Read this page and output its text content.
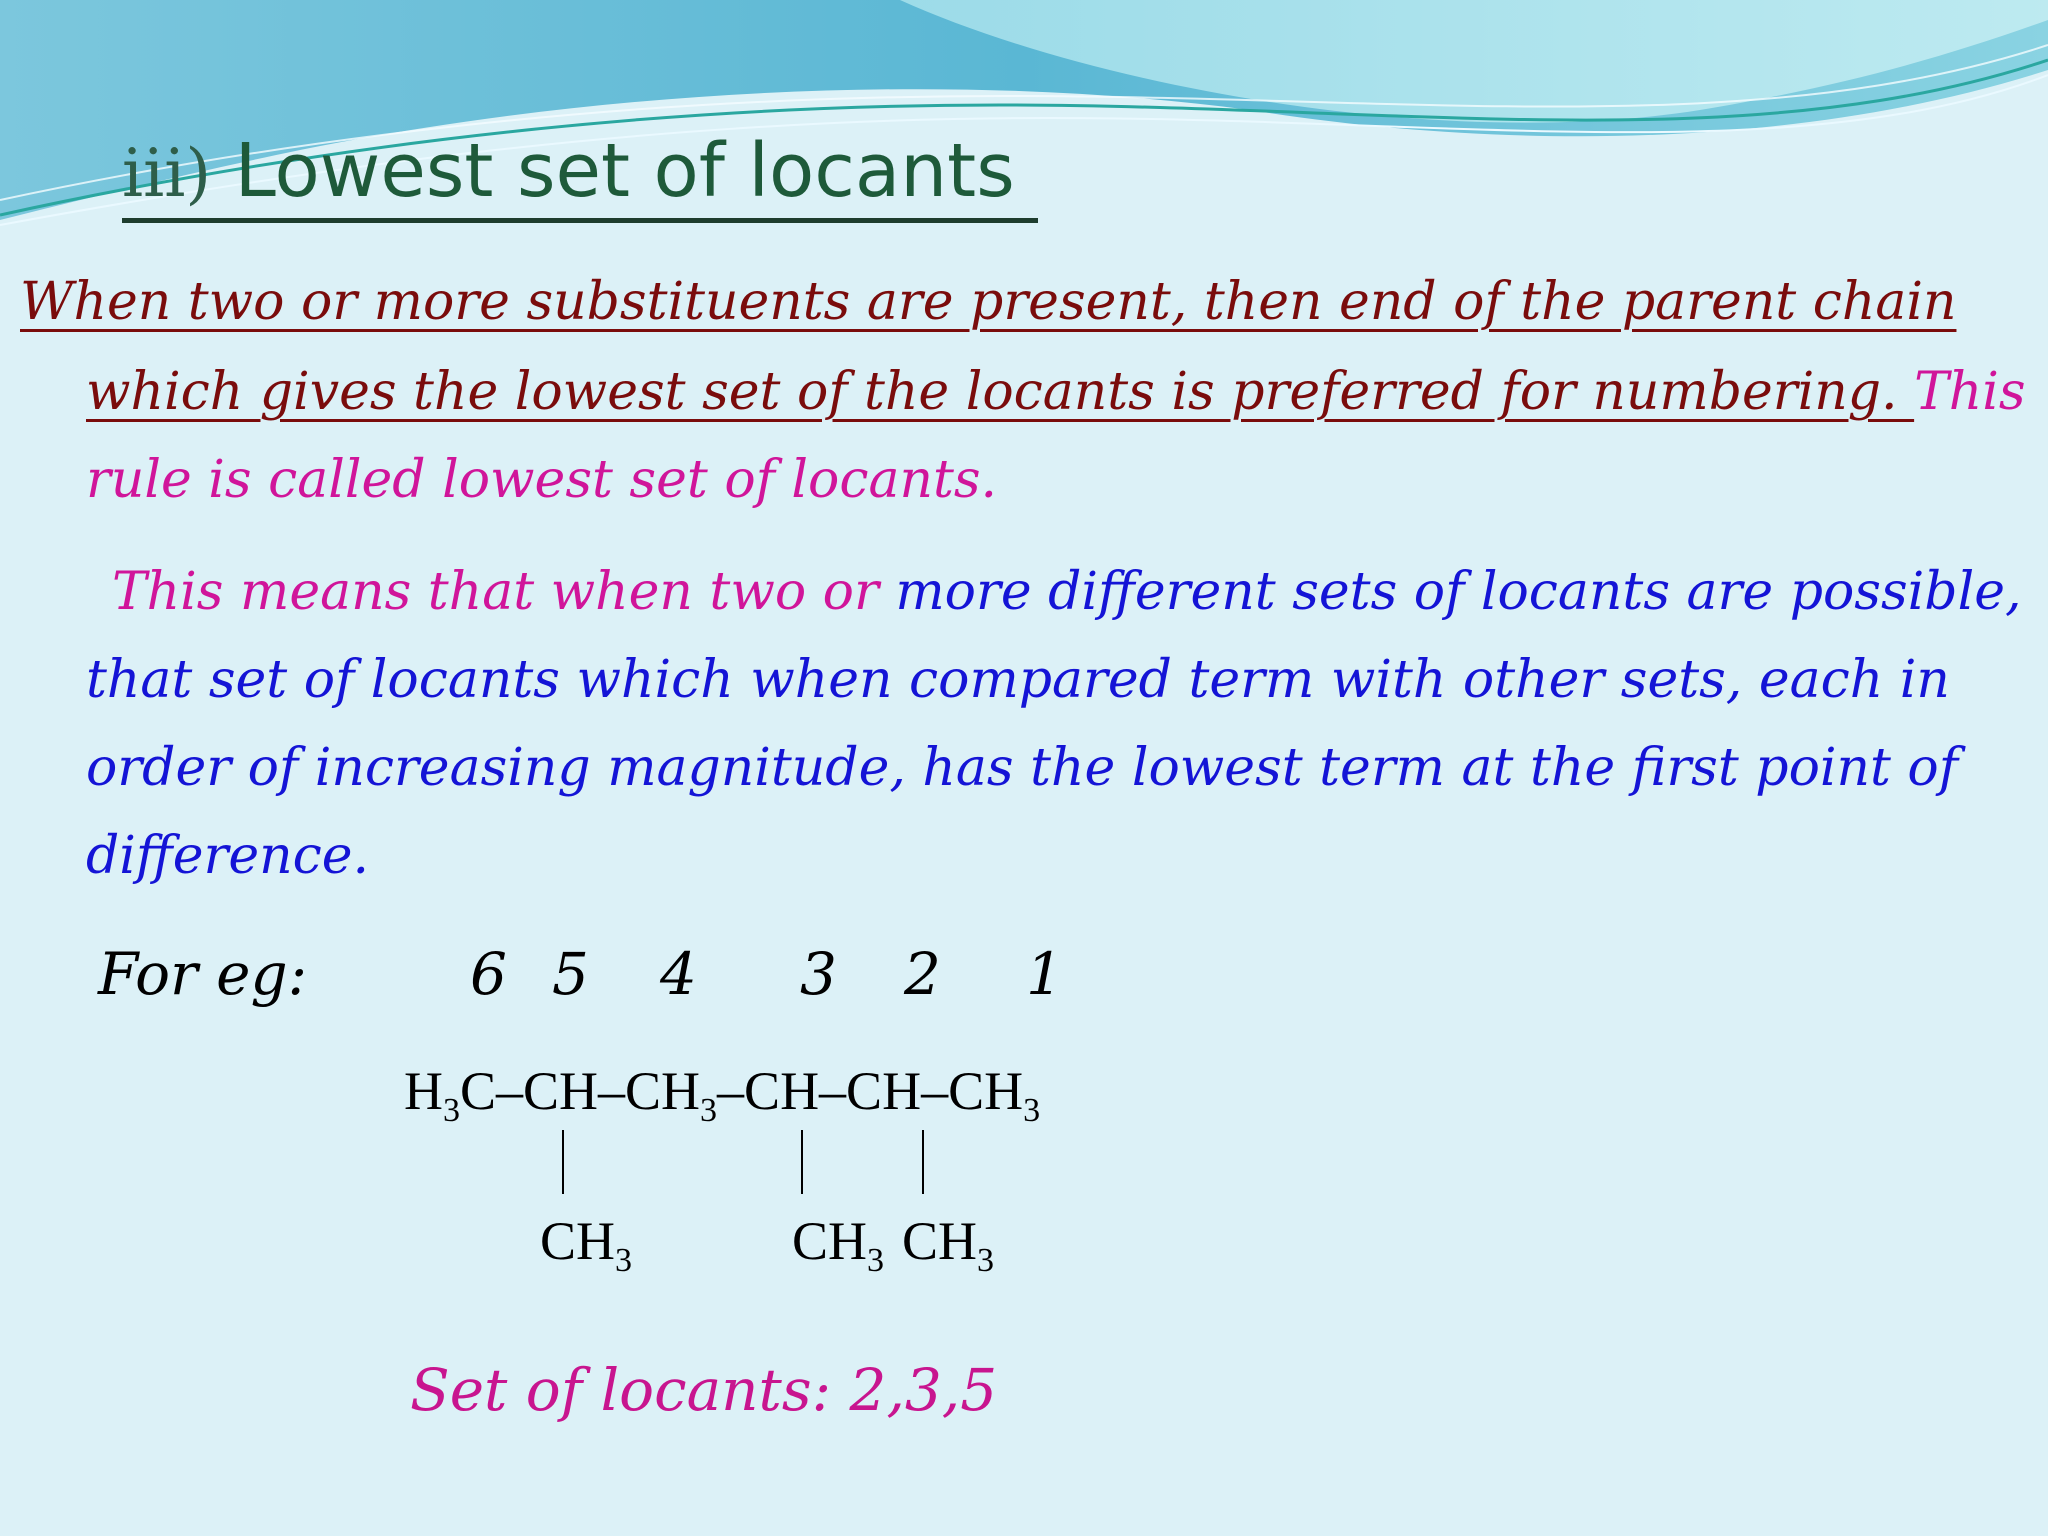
iii) Lowest set of locants
When two or more substituents are present, then end of the parent chain
which gives the lowest set of the locants is preferred for numbering. This
rule is called lowest set of locants.
This means that when two or more different sets of locants are possible,
that set of locants which when compared term with other sets, each in
order of increasing magnitude, has the lowest term at the first point of
difference.
For eg:	6 5 4 3 2 1
$H_3C-CH-CH_3-CH-CH-CH_3$
$CH_3$	$CH_3$ $CH_3$
Set of locants: 2,3,5
